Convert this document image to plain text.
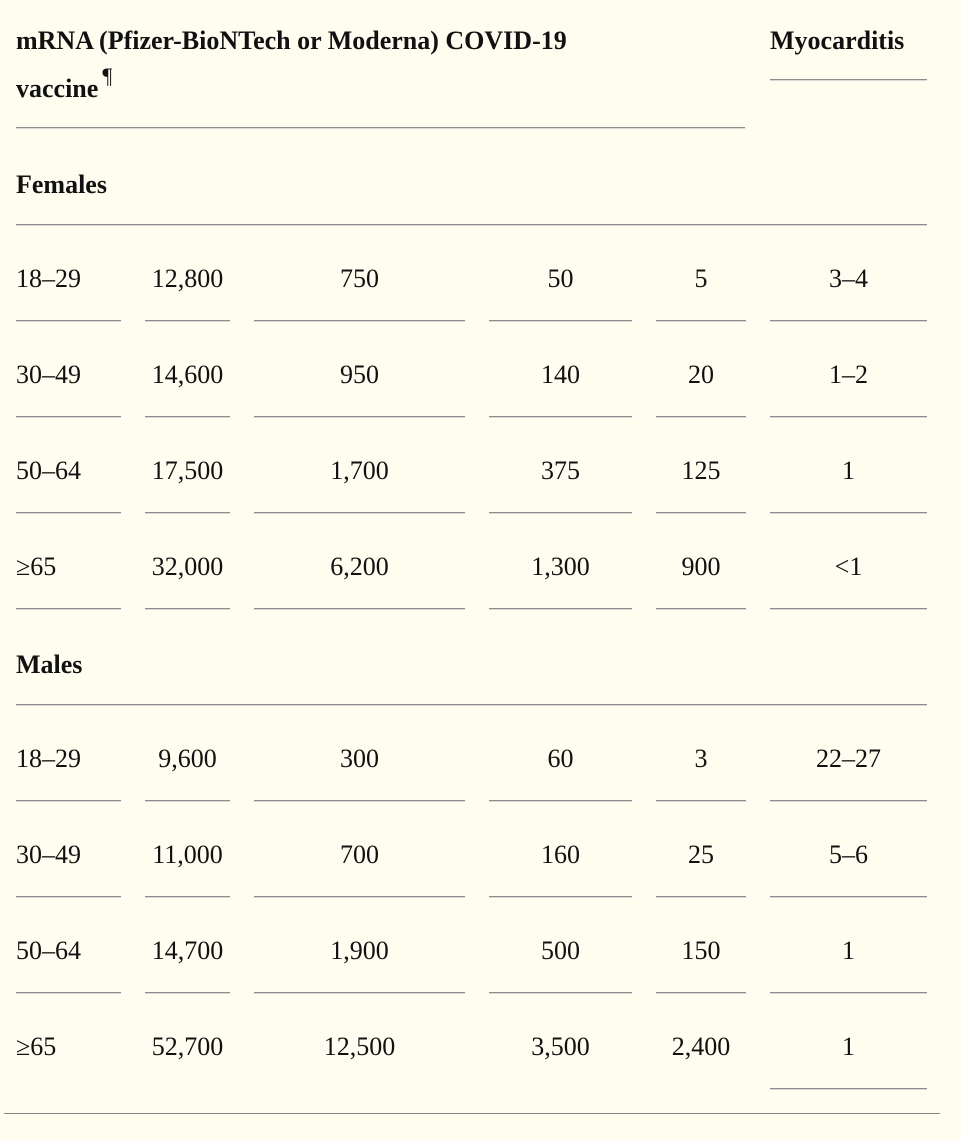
mRNA (Pfizer-BioNTech or Moderna) COVID-19
vaccine ¶
Myocarditis
Females
18–29	12,800	750	50	5	3–4
30–49	14,600	950	140	20	1–2
50–64	17,500	1,700	375	125	1
≥65	32,000	6,200	1,300	900	<1
Males
18–29	9,600	300	60	3	22–27
30–49	11,000	700	160	25	5–6
50–64	14,700	1,900	500	150	1
≥65	52,700	12,500	3,500	2,400	1
